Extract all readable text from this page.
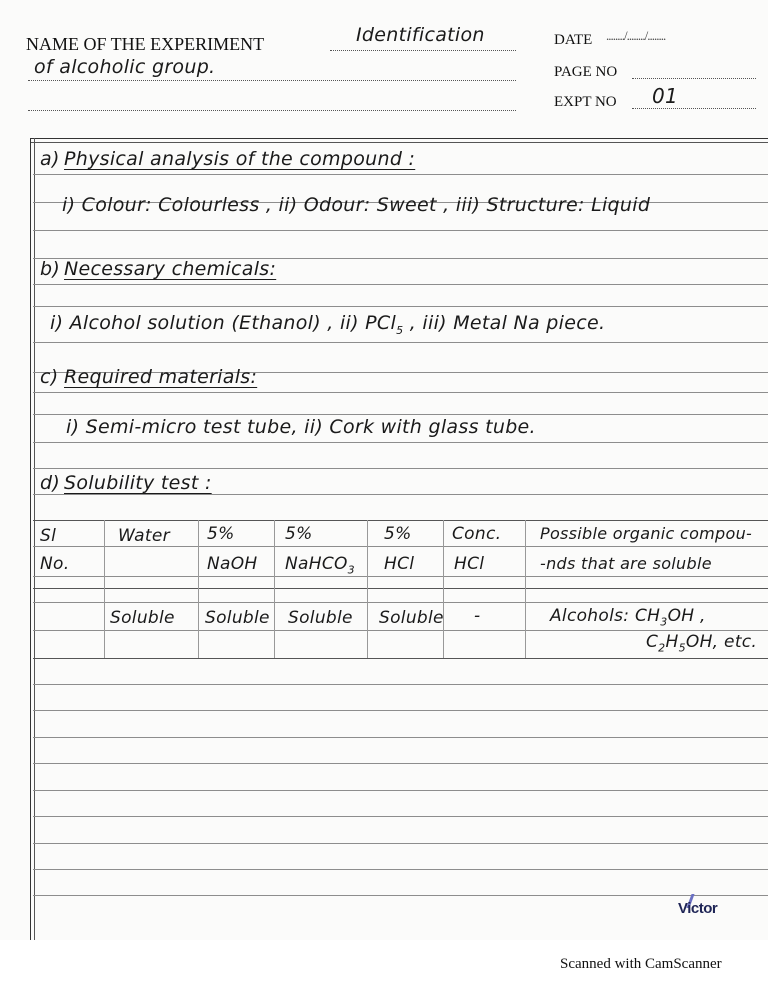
NAME OF THE EXPERIMENT	Identification
of alcoholic group.
DATE ......../......../........
PAGE NO
EXPT NO 01
a) Physical analysis of the compound :
i) Colour: Colourless , ii) Odour: Sweet , iii) Structure: Liquid
b) Necessary chemicals:
i) Alcohol solution (Ethanol) , ii) PCl$_5$ , iii) Metal Na piece.
c) Required materials:
i) Semi-micro test tube, ii) Cork with glass tube.
d) Solubility test :
Sl
No.
Water 5%
NaOH
5%
NaHCO$_3$
5%
HCl
Conc.
HCl
Possible organic compou-
-nds that are soluble
Soluble Soluble Soluble Soluble -	Alcohols: $CH_3OH$ ,
$C_2H_5OH$, etc.
Victor
Scanned with CamScanner
